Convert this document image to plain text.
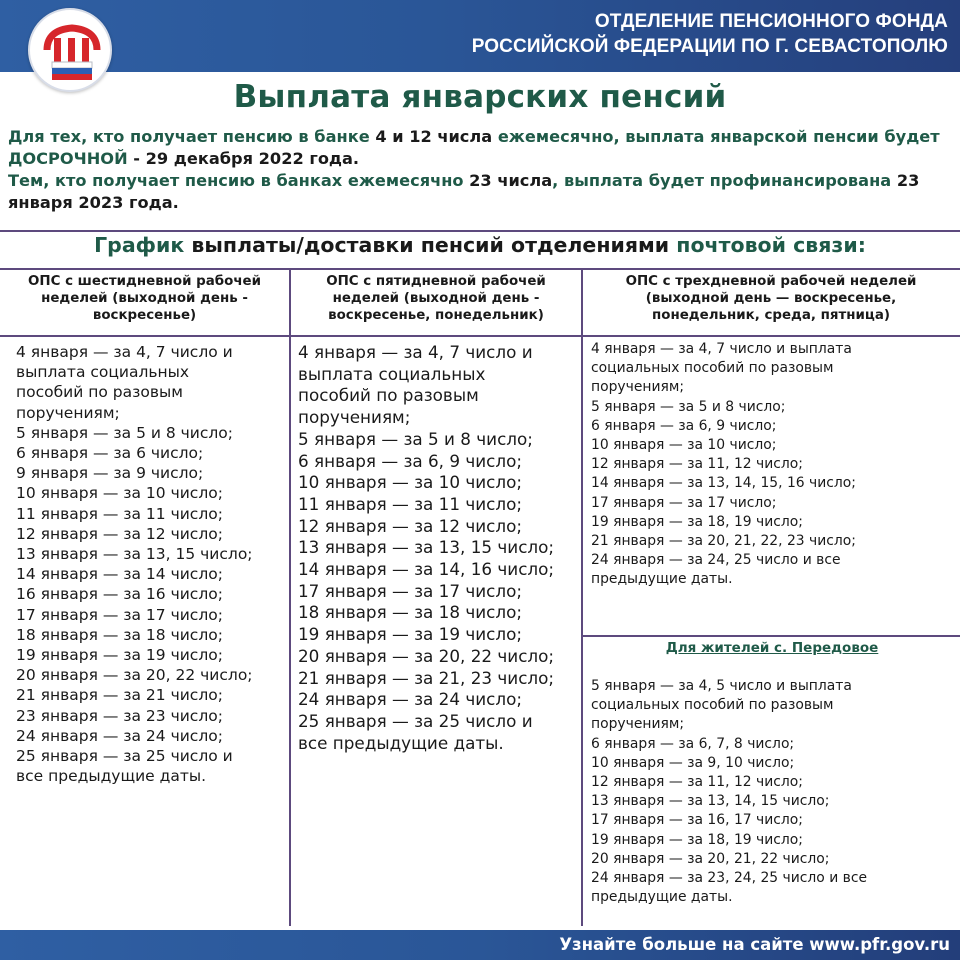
ОТДЕЛЕНИЕ ПЕНСИОННОГО ФОНДА
РОССИЙСКОЙ ФЕДЕРАЦИИ ПО Г. СЕВАСТОПОЛЮ
Выплата январских пенсий
Для тех, кто получает пенсию в банке 4 и 12 числа ежемесячно, выплата январской пенсии будет ДОСРОЧНОЙ - 29 декабря 2022 года.
Тем, кто получает пенсию в банках ежемесячно 23 числа, выплата будет профинансирована 23 января 2023 года.
График выплаты/доставки пенсий отделениями почтовой связи:
ОПС с шестидневной рабочей
неделей (выходной день -
воскресенье)
ОПС с пятидневной рабочей
неделей (выходной день -
воскресенье, понедельник)
ОПС с трехдневной рабочей неделей
(выходной день — воскресенье,
понедельник, среда, пятница)
4 января — за 4, 7 число и
выплата социальных
пособий по разовым
поручениям;
5 января — за 5 и 8 число;
6 января — за 6 число;
9 января — за 9 число;
10 января — за 10 число;
11 января — за 11 число;
12 января — за 12 число;
13 января — за 13, 15 число;
14 января — за 14 число;
16 января — за 16 число;
17 января — за 17 число;
18 января — за 18 число;
19 января — за 19 число;
20 января — за 20, 22 число;
21 января — за 21 число;
23 января — за 23 число;
24 января — за 24 число;
25 января — за 25 число и
все предыдущие даты.
4 января — за 4, 7 число и
выплата социальных
пособий по разовым
поручениям;
5 января — за 5 и 8 число;
6 января — за 6, 9 число;
10 января — за 10 число;
11 января — за 11 число;
12 января — за 12 число;
13 января — за 13, 15 число;
14 января — за 14, 16 число;
17 января — за 17 число;
18 января — за 18 число;
19 января — за 19 число;
20 января — за 20, 22 число;
21 января — за 21, 23 число;
24 января — за 24 число;
25 января — за 25 число и
все предыдущие даты.
4 января — за 4, 7 число и выплата
социальных пособий по разовым
поручениям;
5 января — за 5 и 8 число;
6 января — за 6, 9 число;
10 января — за 10 число;
12 января — за 11, 12 число;
14 января — за 13, 14, 15, 16 число;
17 января — за 17 число;
19 января — за 18, 19 число;
21 января — за 20, 21, 22, 23 число;
24 января — за 24, 25 число и все
предыдущие даты.
Для жителей с. Передовое
5 января — за 4, 5 число и выплата
социальных пособий по разовым
поручениям;
6 января — за 6, 7, 8 число;
10 января — за 9, 10 число;
12 января — за 11, 12 число;
13 января — за 13, 14, 15 число;
17 января — за 16, 17 число;
19 января — за 18, 19 число;
20 января — за 20, 21, 22 число;
24 января — за 23, 24, 25 число и все
предыдущие даты.
Узнайте больше на сайте www.pfr.gov.ru
